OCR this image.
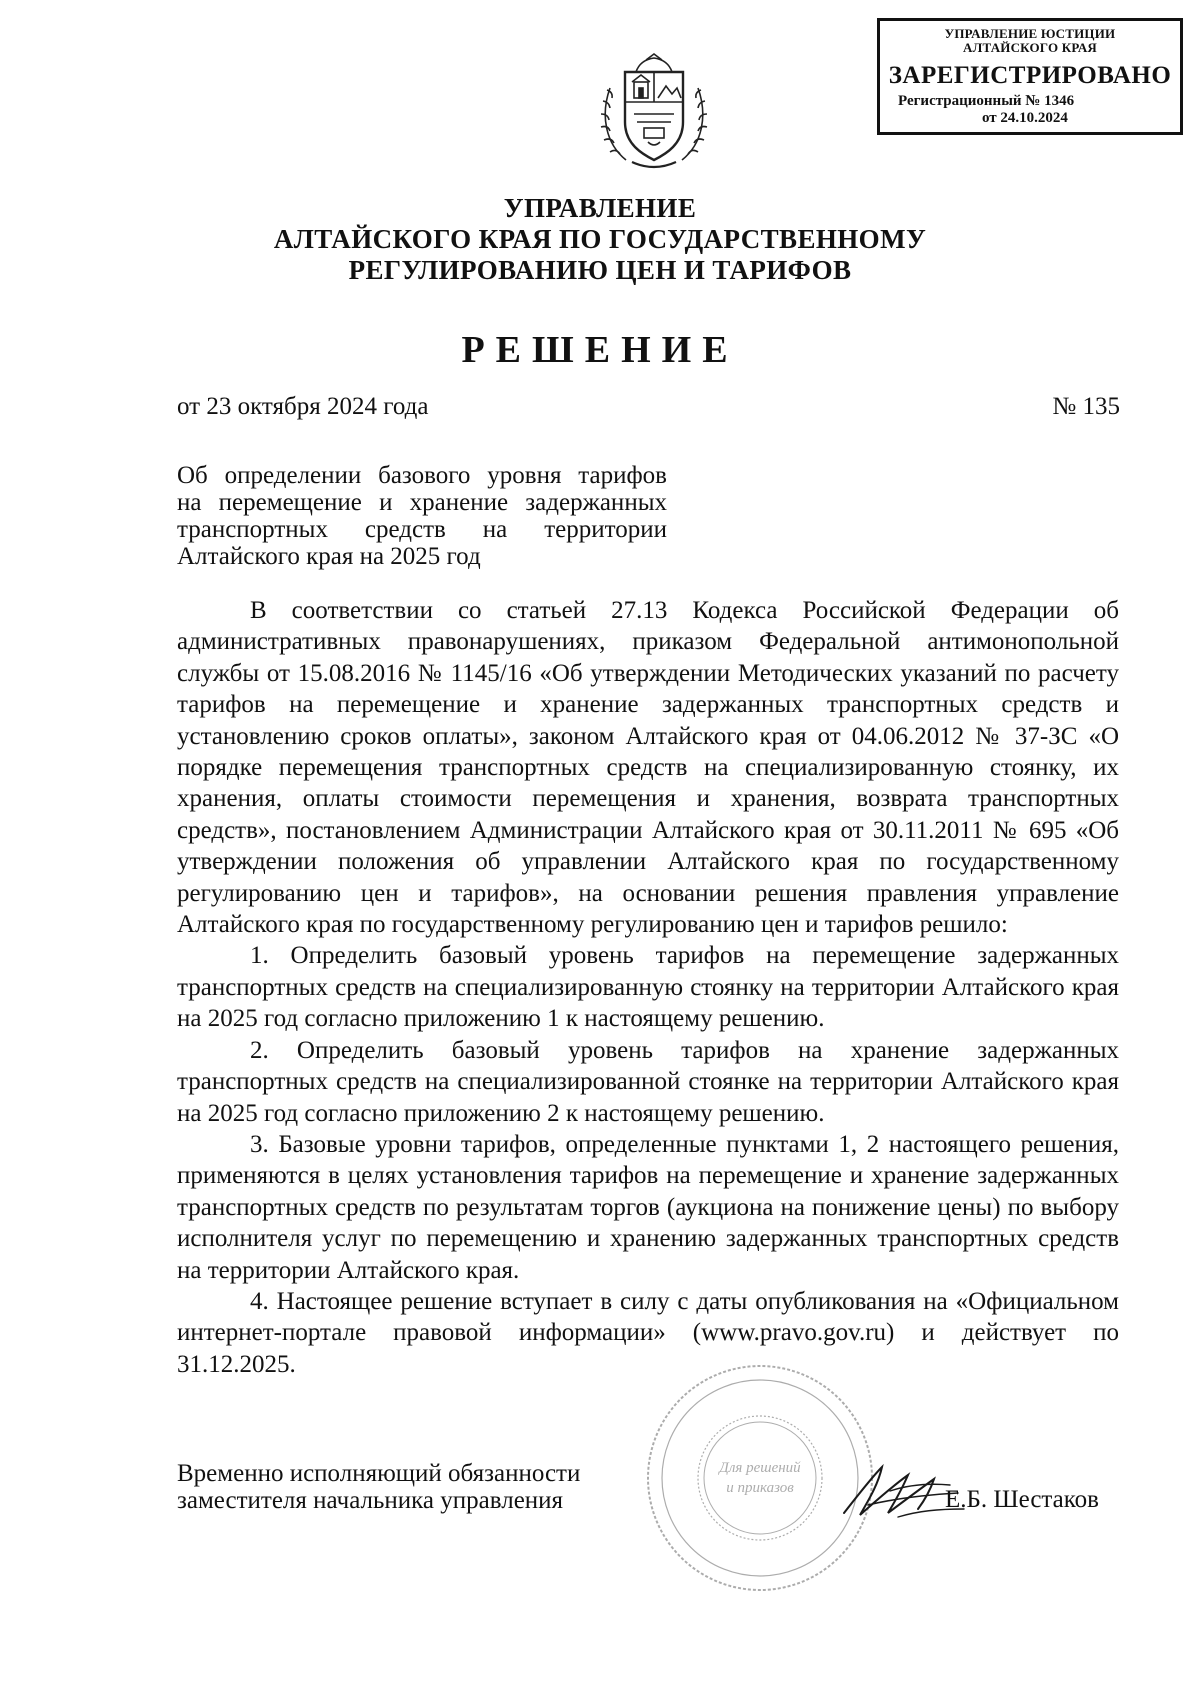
УПРАВЛЕНИЕ ЮСТИЦИИ
АЛТАЙСКОГО КРАЯ
ЗАРЕГИСТРИРОВАНО
Регистрационный № 1346
от 24.10.2024
УПРАВЛЕНИЕ
АЛТАЙСКОГО КРАЯ ПО ГОСУДАРСТВЕННОМУ
РЕГУЛИРОВАНИЮ ЦЕН И ТАРИФОВ
РЕШЕНИЕ
от 23 октября 2024 года	№ 135
Об определении базового уровня тарифов
на перемещение и хранение задержанных
транспортных средств на территории
Алтайского края на 2025 год

В соответствии со статьей 27.13 Кодекса Российской Федерации об административных правонарушениях, приказом Федеральной антимонопольной службы от 15.08.2016 № 1145/16 «Об утверждении Методических указаний по расчету тарифов на перемещение и хранение задержанных транспортных средств и установлению сроков оплаты», законом Алтайского края от 04.06.2012 № 37-ЗС «О порядке перемещения транспортных средств на специализированную стоянку, их хранения, оплаты стоимости перемещения и хранения, возврата транспортных средств», постановлением Администрации Алтайского края от 30.11.2011 № 695 «Об утверждении положения об управлении Алтайского края по государственному регулированию цен и тарифов», на основании решения правления управление Алтайского края по государственному регулированию цен и тарифов решило:

1. Определить базовый уровень тарифов на перемещение задержанных транспортных средств на специализированную стоянку на территории Алтайского края на 2025 год согласно приложению 1 к настоящему решению.

2. Определить базовый уровень тарифов на хранение задержанных транспортных средств на специализированной стоянке на территории Алтайского края на 2025 год согласно приложению 2 к настоящему решению.

3. Базовые уровни тарифов, определенные пунктами 1, 2 настоящего решения, применяются в целях установления тарифов на перемещение и хранение задержанных транспортных средств по результатам торгов (аукциона на понижение цены) по выбору исполнителя услуг по перемещению и хранению задержанных транспортных средств на территории Алтайского края.

4. Настоящее решение вступает в силу с даты опубликования на «Официальном интернет-портале правовой информации» (www.pravo.gov.ru) и действует по 31.12.2025.

Для решений
и приказов
Временно исполняющий обязанности
заместителя начальника управления	Е.Б. Шестаков
